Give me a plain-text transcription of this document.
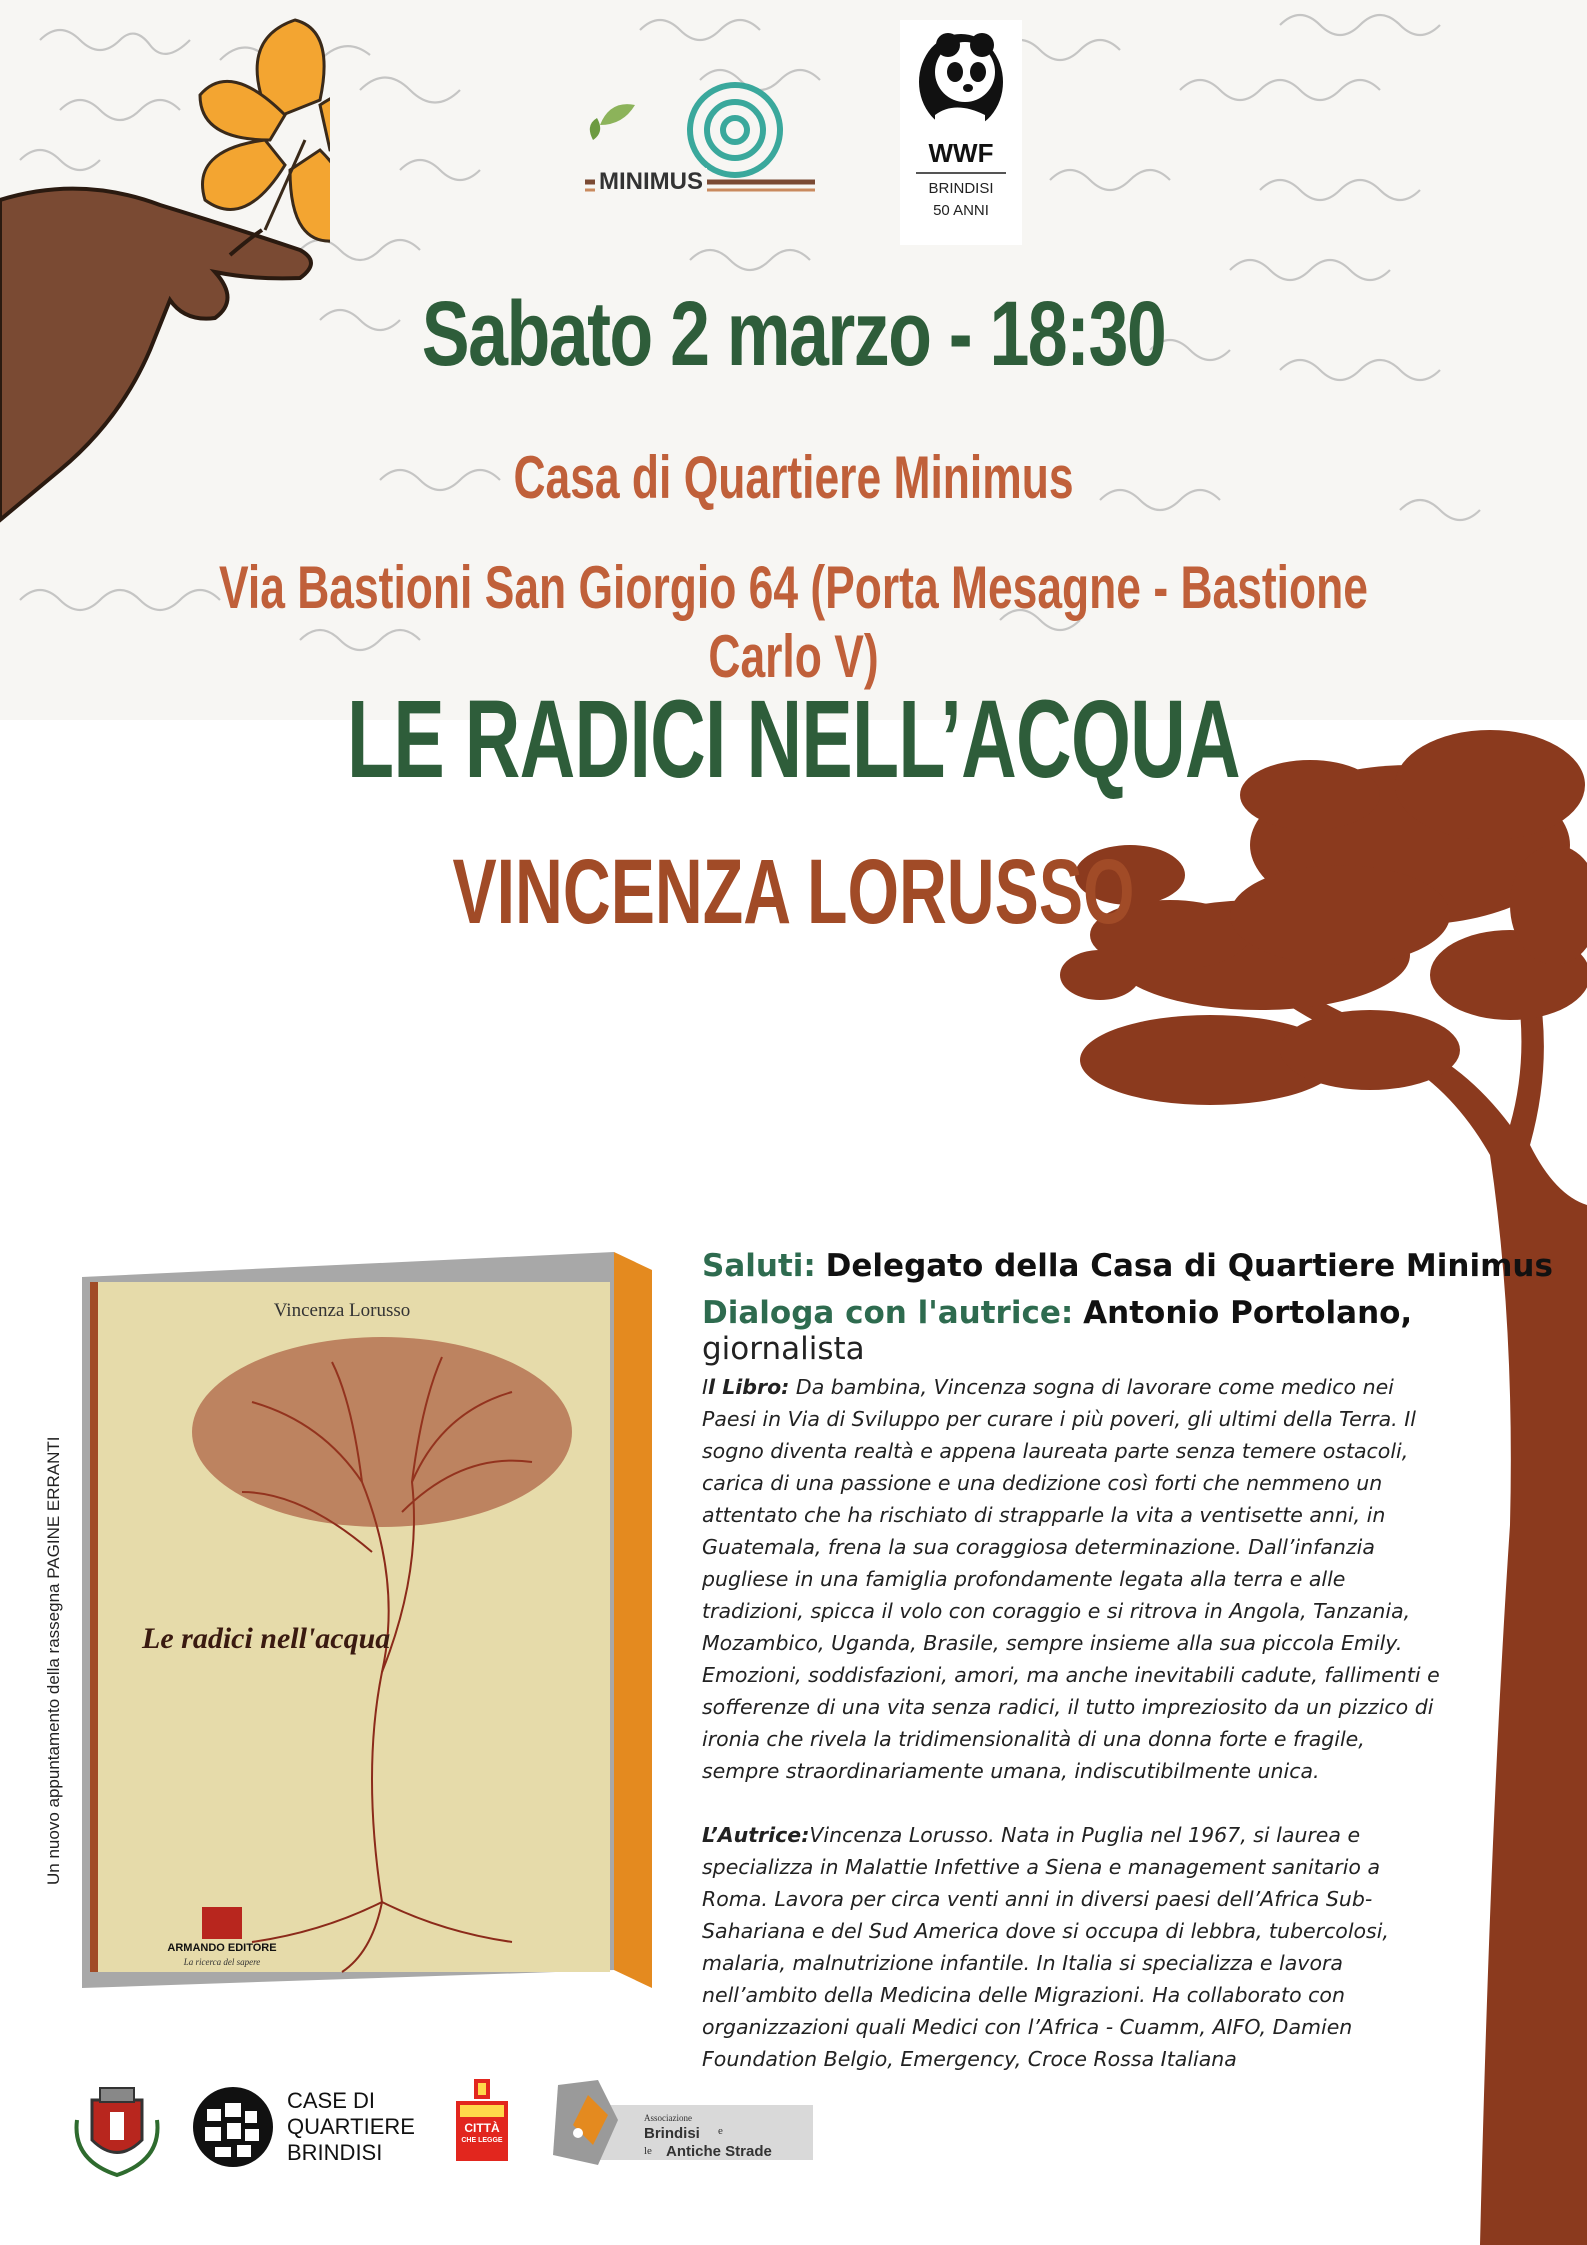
MINIMUS
WWF
BRINDISI
50 ANNI
Sabato 2 marzo - 18:30
Casa di Quartiere Minimus
Via Bastioni San Giorgio 64 (Porta Mesagne - Bastione Carlo V)
LE RADICI NELL’ACQUA
VINCENZA LORUSSO
Un nuovo appuntamento della rassegna PAGINE ERRANTI
Vincenza Lorusso
Le radici nell'acqua
ARMANDO EDITORE
La ricerca del sapere
Saluti: Delegato della Casa di Quartiere Minimus
Dialoga con l'autrice: Antonio Portolano, giornalista
Il Libro: Da bambina, Vincenza sogna di lavorare come medico nei Paesi in Via di Sviluppo per curare i più poveri, gli ultimi della Terra. Il sogno diventa realtà e appena laureata parte senza temere ostacoli, carica di una passione e una dedizione così forti che nemmeno un attentato che ha rischiato di strapparle la vita a ventisette anni, in Guatemala, frena la sua coraggiosa determinazione. Dall’infanzia pugliese in una famiglia profondamente legata alla terra e alle tradizioni, spicca il volo con coraggio e si ritrova in Angola, Tanzania, Mozambico, Uganda, Brasile, sempre insieme alla sua piccola Emily. Emozioni, soddisfazioni, amori, ma anche inevitabili cadute, fallimenti e sofferenze di una vita senza radici, il tutto impreziosito da un pizzico di ironia che rivela la tridimensionalità di una donna forte e fragile, sempre straordinariamente umana, indiscutibilmente unica.
L’Autrice:Vincenza Lorusso. Nata in Puglia nel 1967, si laurea e specializza in Malattie Infettive a Siena e management sanitario a Roma. Lavora per circa venti anni in diversi paesi dell’Africa Sub-Sahariana e del Sud America dove si occupa di lebbra, tubercolosi, malaria, malnutrizione infantile. In Italia si specializza e lavora nell’ambito della Medicina delle Migrazioni. Ha collaborato con organizzazioni quali Medici con l’Africa - Cuamm, AIFO, Damien Foundation Belgio, Emergency, Croce Rossa Italiana
CASE DI
QUARTIERE
BRINDISI
CITTÀ
CHE LEGGE
Associazione
Brindisi e
le Antiche Strade
